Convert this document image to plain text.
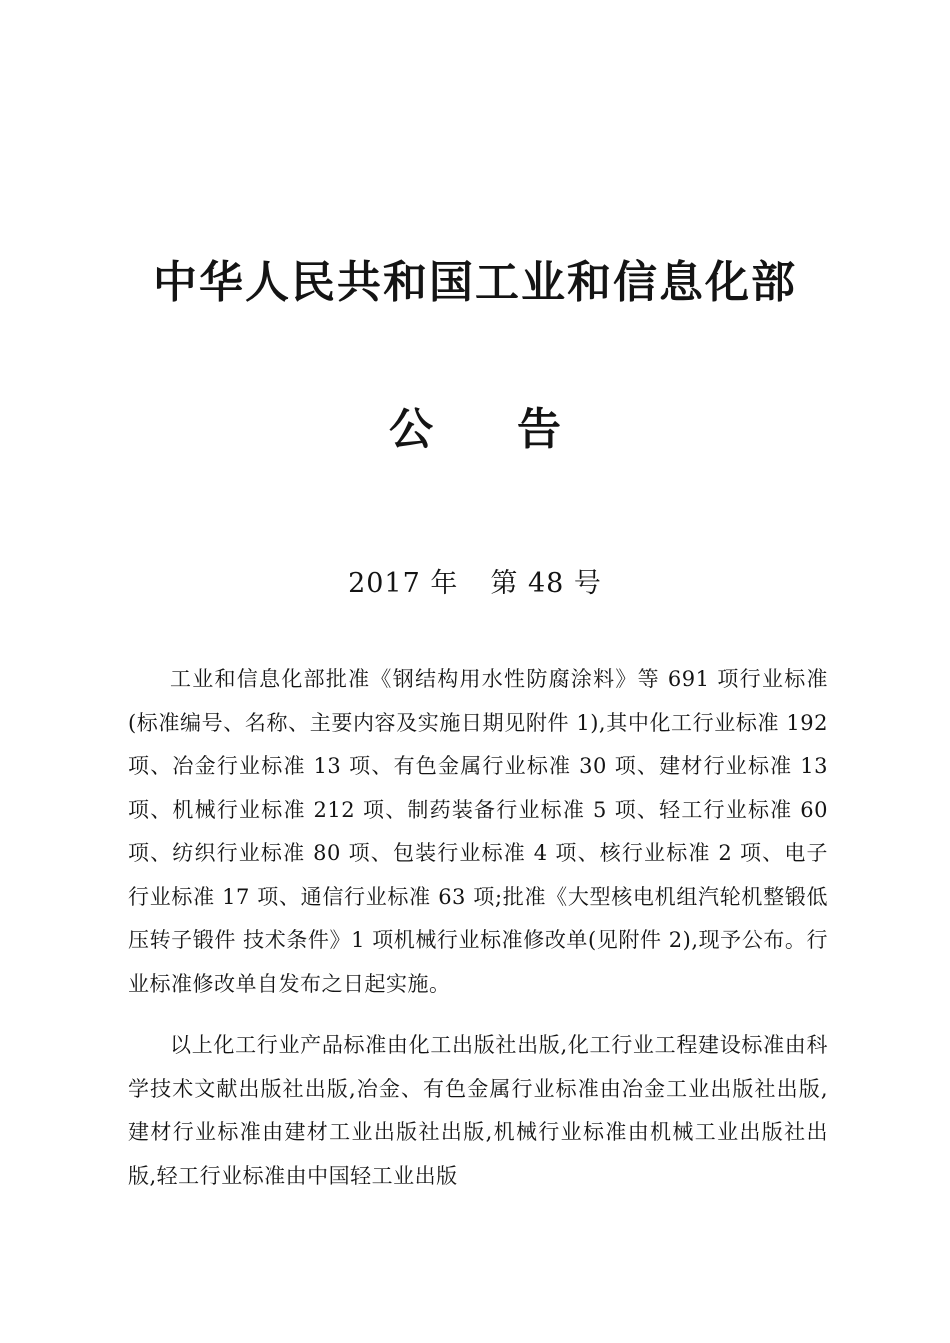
中华人民共和国工业和信息化部
公 告
2017 年 第 48 号

工业和信息化部批准《钢结构用水性防腐涂料》等 691 项行业标准(标准编号、名称、主要内容及实施日期见附件 1),其中化工行业标准 192 项、冶金行业标准 13 项、有色金属行业标准 30 项、建材行业标准 13 项、机械行业标准 212 项、制药装备行业标准 5 项、轻工行业标准 60 项、纺织行业标准 80 项、包装行业标准 4 项、核行业标准 2 项、电子行业标准 17 项、通信行业标准 63 项;批准《大型核电机组汽轮机整锻低压转子锻件 技术条件》1 项机械行业标准修改单(见附件 2),现予公布。行业标准修改单自发布之日起实施。

以上化工行业产品标准由化工出版社出版,化工行业工程建设标准由科学技术文献出版社出版,冶金、有色金属行业标准由冶金工业出版社出版,建材行业标准由建材工业出版社出版,机械行业标准由机械工业出版社出版,轻工行业标准由中国轻工业出版
